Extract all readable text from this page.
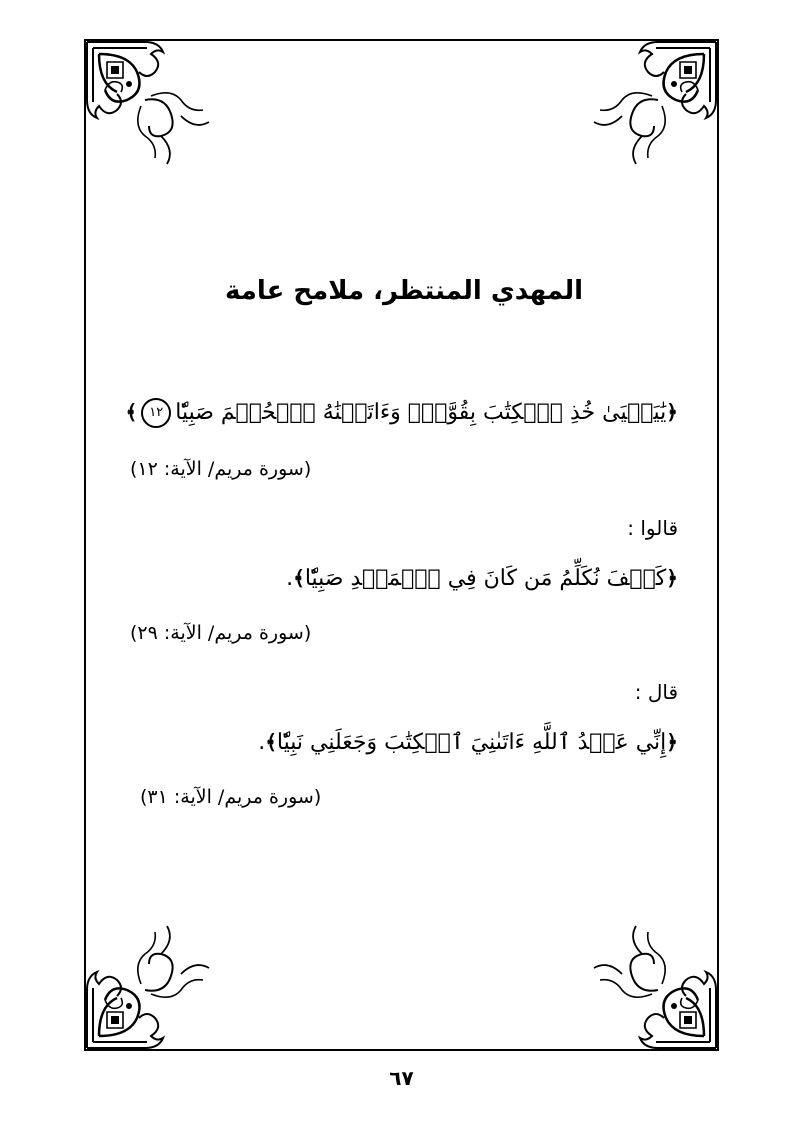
المهدي المنتظر، ملامح عامة
﴿يَٰيَحۡيَىٰ خُذِ ٱلۡكِتَٰبَ بِقُوَّةٖۖ وَءَاتَيۡنَٰهُ ٱلۡحُكۡمَ صَبِيّٗا١٢﴾
(سورة مريم/ الآية: ١٢)
قالوا :
﴿كَيۡفَ نُكَلِّمُ مَن كَانَ فِي ٱلۡمَهۡدِ صَبِيّٗا﴾.
(سورة مريم/ الآية: ٢٩)
قال :
﴿إِنِّي عَبۡدُ ٱللَّهِ ءَاتَىٰنِيَ ٱلۡكِتَٰبَ وَجَعَلَنِي نَبِيّٗا﴾.
(سورة مريم/ الآية: ٣١)
٦٧
